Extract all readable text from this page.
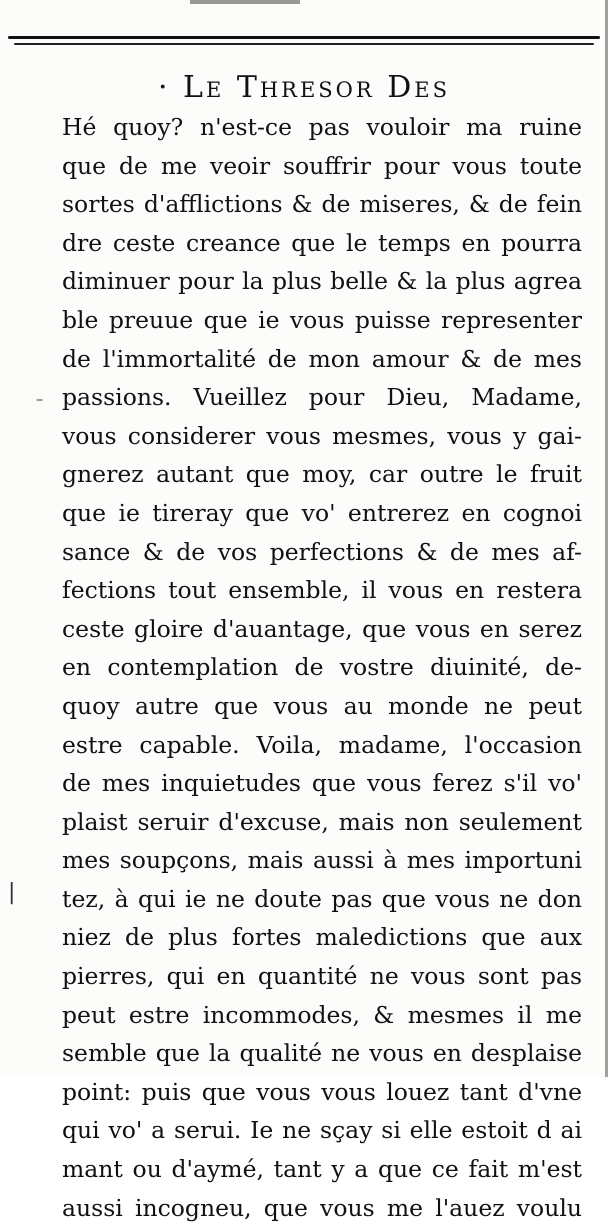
· Le Thresor Des
Hé quoy? n'est-ce pas vouloir ma ruine
que de me veoir souffrir pour vous toute
sortes d'afflictions & de miseres, & de fein
dre ceste creance que le temps en pourra
diminuer pour la plus belle & la plus agrea
ble preuue que ie vous puisse representer
de l'immortalité de mon amour & de mes
passions. Vueillez pour Dieu, Madame,
vous considerer vous mesmes, vous y gai-
gnerez autant que moy, car outre le fruit
que ie tireray que vo' entrerez en cognoi
sance & de vos perfections & de mes af-
fections tout ensemble, il vous en restera
ceste gloire d'auantage, que vous en serez
en contemplation de vostre diuinité, de-
quoy autre que vous au monde ne peut
estre capable. Voila, madame, l'occasion
de mes inquietudes que vous ferez s'il vo'
plaist seruir d'excuse, mais non seulement
mes soupçons, mais aussi à mes importuni
tez, à qui ie ne doute pas que vous ne don
niez de plus fortes maledictions que aux
pierres, qui en quantité ne vous sont pas
peut estre incommodes, & mesmes il me
semble que la qualité ne vous en desplaise
point: puis que vous vous louez tant d'vne
qui vo' a serui. Ie ne sçay si elle estoit d ai
mant ou d'aymé, tant y a que ce fait m'est
aussi incogneu, que vous me l'auez voulu
–
|
